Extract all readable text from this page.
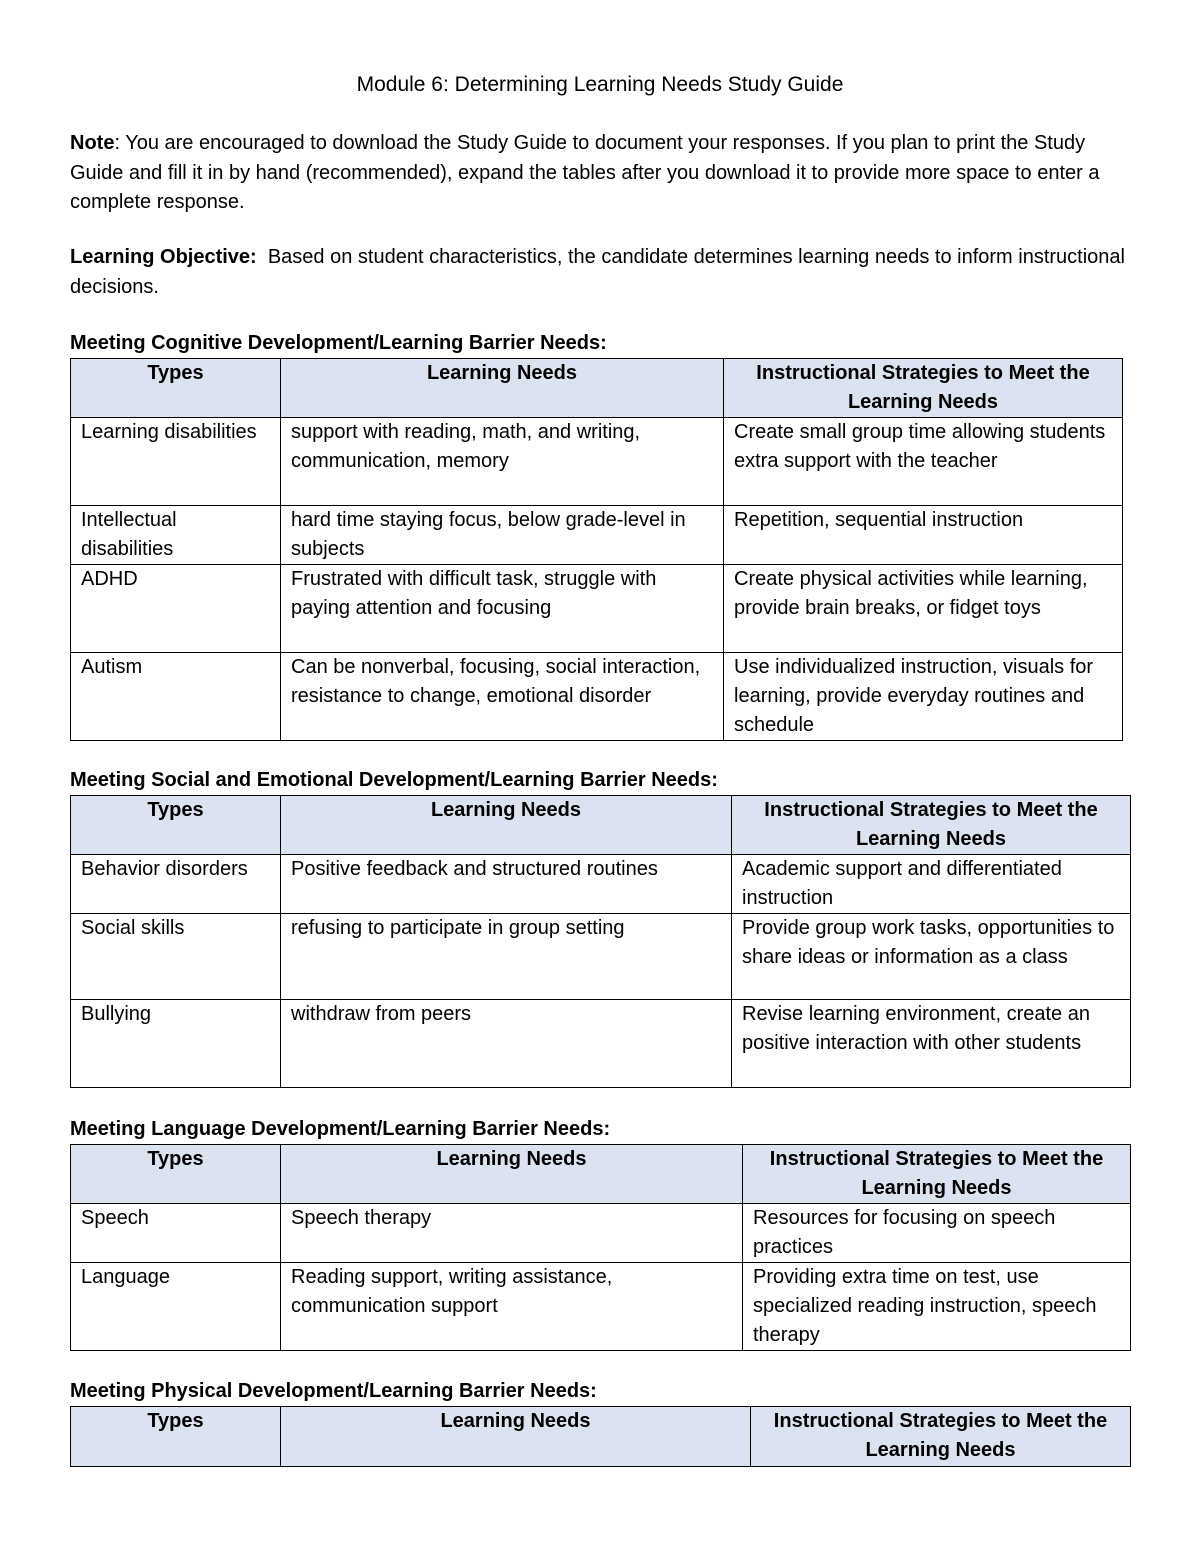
Module 6: Determining Learning Needs Study Guide
Note: You are encouraged to download the Study Guide to document your responses. If you plan to print the Study Guide and fill it in by hand (recommended), expand the tables after you download it to provide more space to enter a complete response.
Learning Objective:  Based on student characteristics, the candidate determines learning needs to inform instructional decisions.
Meeting Cognitive Development/Learning Barrier Needs:
Types	Learning Needs	Instructional Strategies to Meet the Learning Needs
Learning disabilities	support with reading, math, and writing, communication, memory	Create small group time allowing students extra support with the teacher
Intellectual disabilities	hard time staying focus, below grade-level in subjects	Repetition, sequential instruction
ADHD	Frustrated with difficult task, struggle with paying attention and focusing	Create physical activities while learning, provide brain breaks, or fidget toys
Autism	Can be nonverbal, focusing, social interaction, resistance to change, emotional disorder	Use individualized instruction, visuals for learning, provide everyday routines and schedule
Meeting Social and Emotional Development/Learning Barrier Needs:
Types	Learning Needs	Instructional Strategies to Meet the Learning Needs
Behavior disorders	Positive feedback and structured routines	Academic support and differentiated instruction
Social skills	refusing to participate in group setting	Provide group work tasks, opportunities to share ideas or information as a class
Bullying	withdraw from peers	Revise learning environment, create an positive interaction with other students
Meeting Language Development/Learning Barrier Needs:
Types	Learning Needs	Instructional Strategies to Meet the Learning Needs
Speech	Speech therapy	Resources for focusing on speech practices
Language	Reading support, writing assistance, communication support	Providing extra time on test, use specialized reading instruction, speech therapy
Meeting Physical Development/Learning Barrier Needs:
Types	Learning Needs	Instructional Strategies to Meet the Learning Needs
